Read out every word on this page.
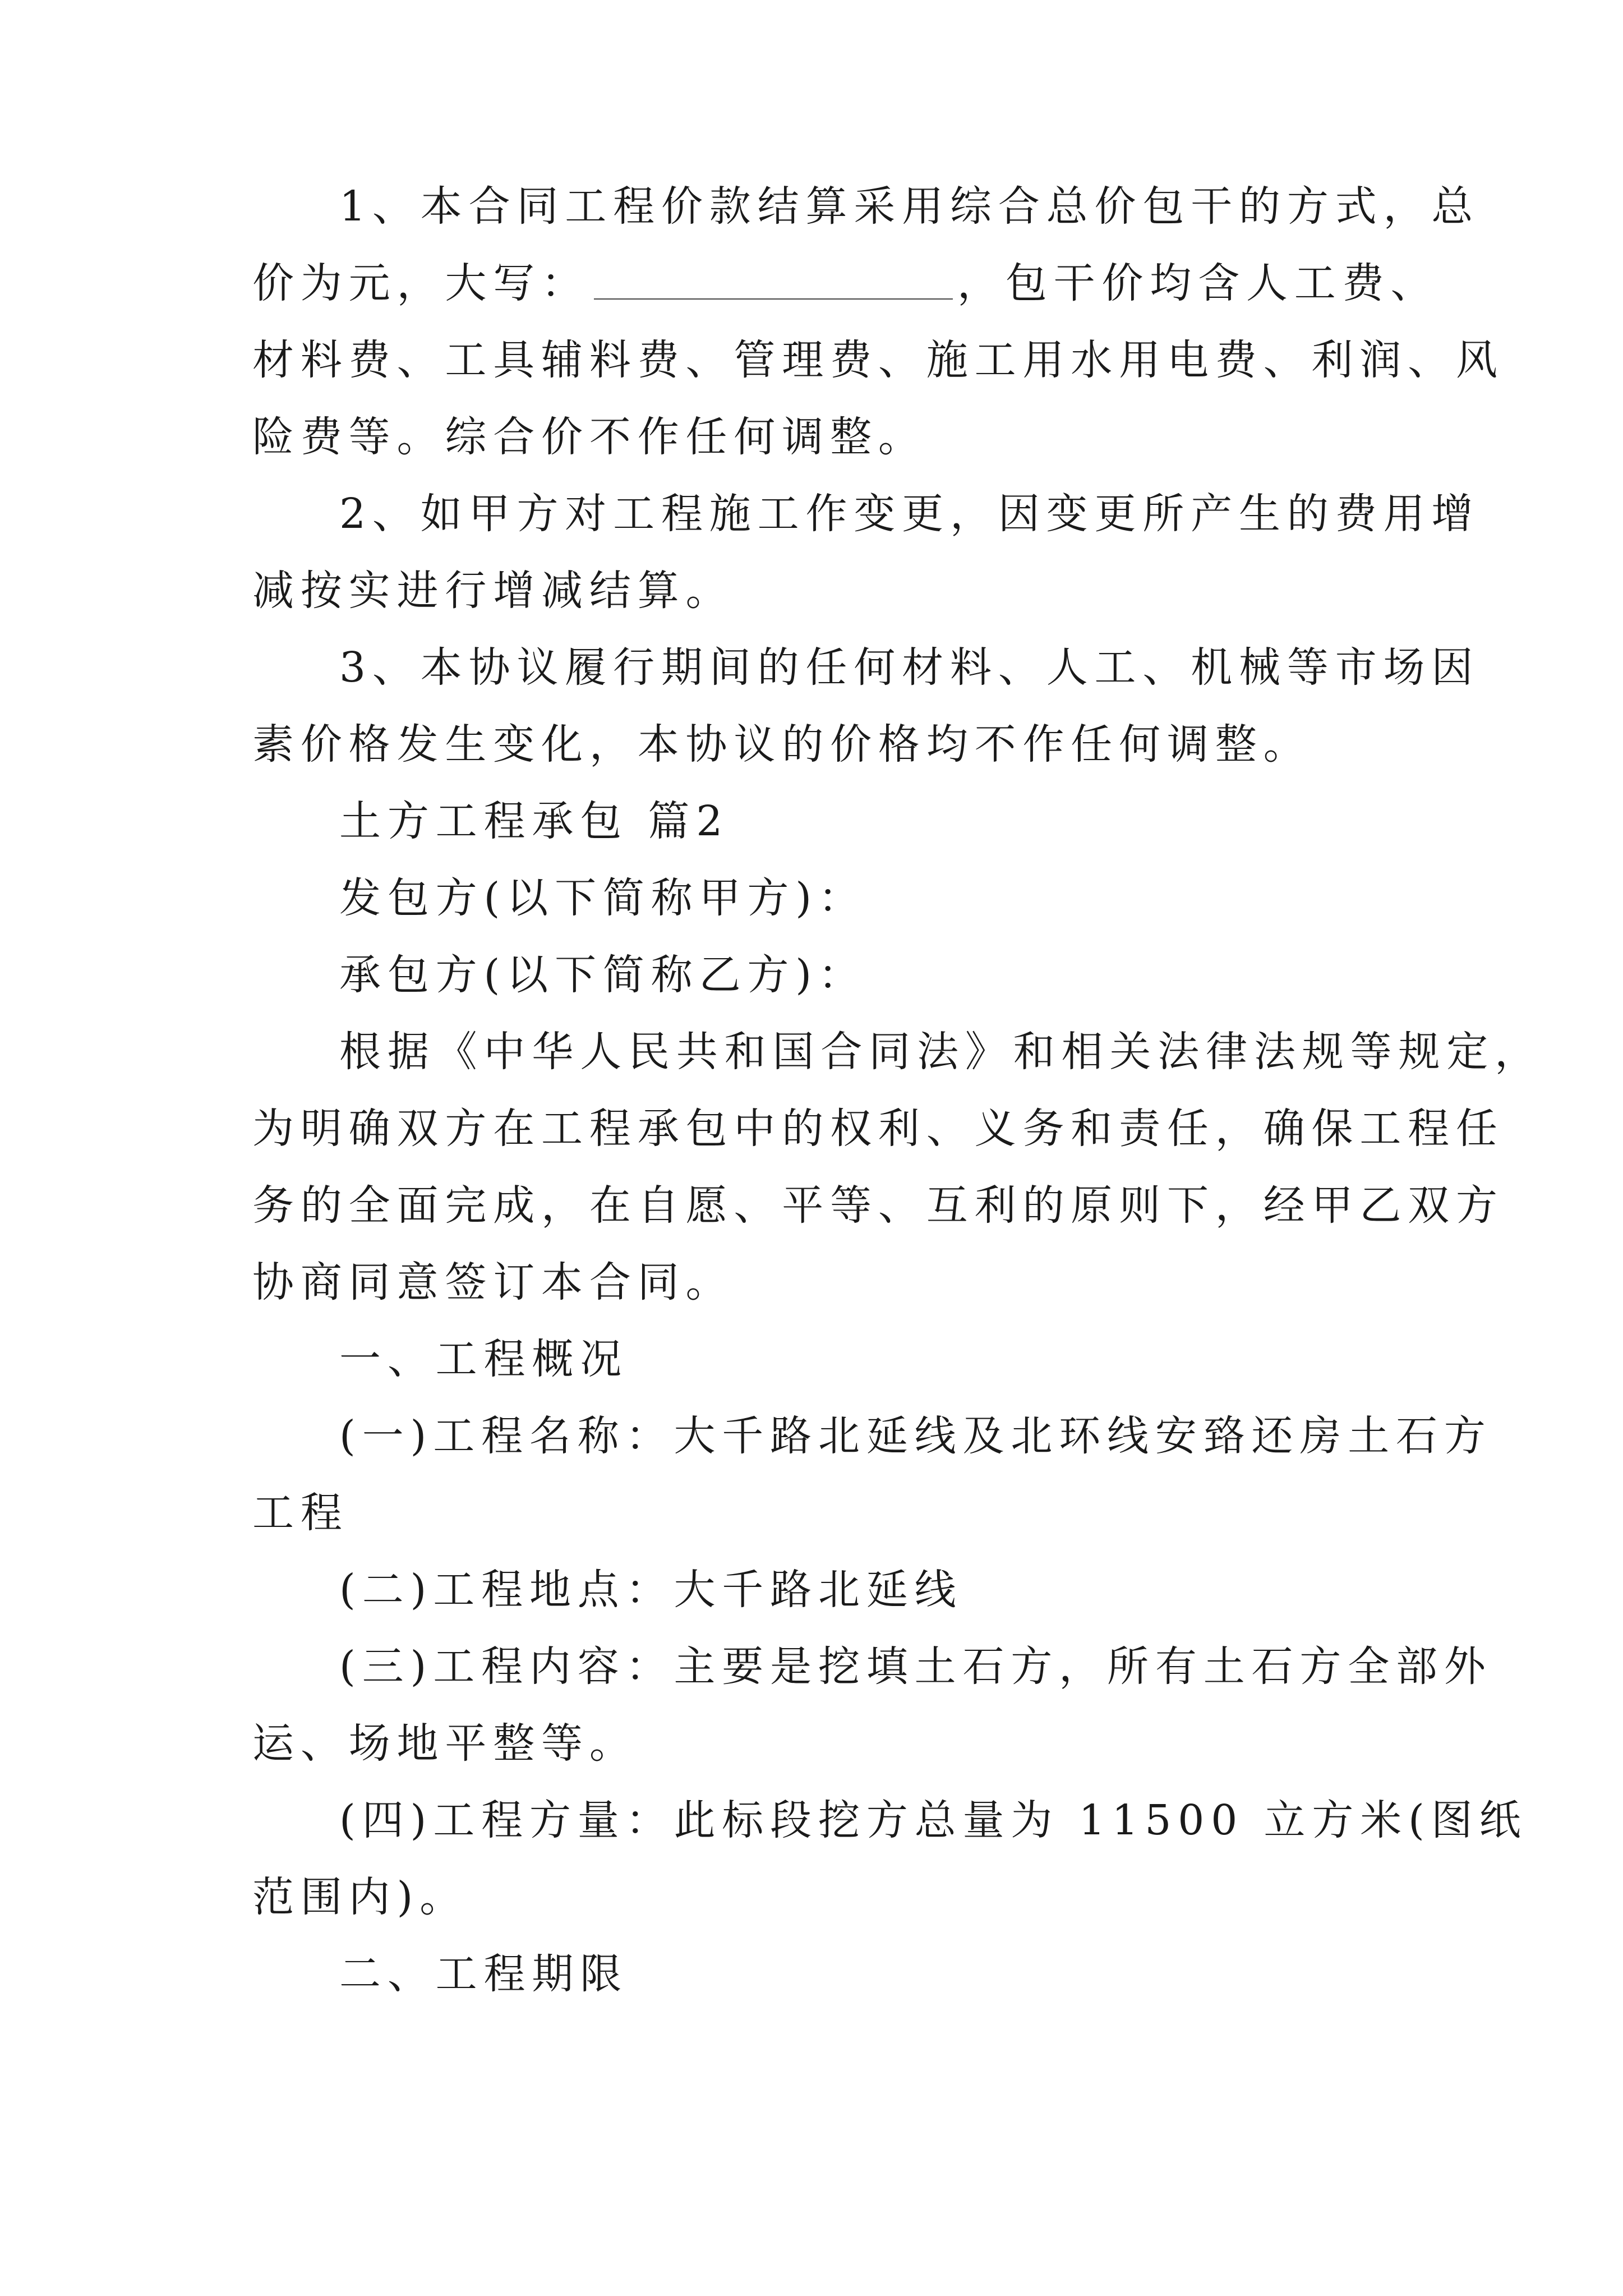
1、本合同工程价款结算采用综合总价包干的方式，总
价为元，大写：	，包干价均含人工费、
材料费、工具辅料费、管理费、施工用水用电费、利润、风
险费等。综合价不作任何调整。
2、如甲方对工程施工作变更，因变更所产生的费用增
减按实进行增减结算。
3、本协议履行期间的任何材料、人工、机械等市场因
素价格发生变化，本协议的价格均不作任何调整。
土方工程承包 篇2
发包方(以下简称甲方)：
承包方(以下简称乙方)：
根据《中华人民共和国合同法》和相关法律法规等规定，
为明确双方在工程承包中的权利、义务和责任，确保工程任
务的全面完成，在自愿、平等、互利的原则下，经甲乙双方
协商同意签订本合同。
一、工程概况
(一)工程名称：大千路北延线及北环线安臵还房土石方
工程
(二)工程地点：大千路北延线
(三)工程内容：主要是挖填土石方，所有土石方全部外
运、场地平整等。
(四)工程方量：此标段挖方总量为 11500 立方米(图纸
范围内)。
二、工程期限
